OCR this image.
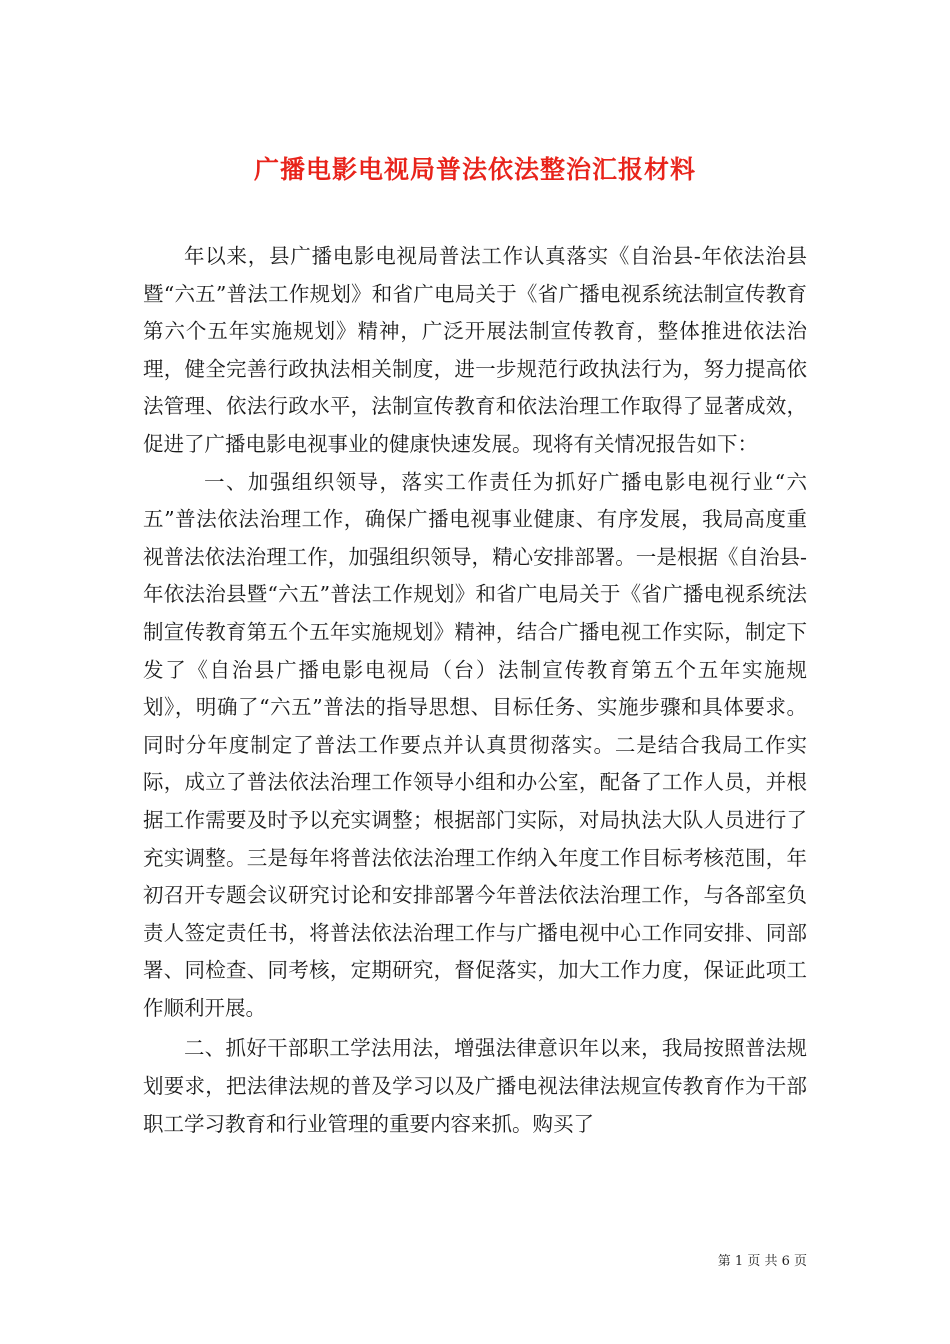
广播电影电视局普法依法整治汇报材料

年以来，县广播电影电视局普法工作认真落实《自治县-年依法治县暨“六五”普法工作规划》和省广电局关于《省广播电视系统法制宣传教育第六个五年实施规划》精神，广泛开展法制宣传教育，整体推进依法治理，健全完善行政执法相关制度，进一步规范行政执法行为，努力提高依法管理、依法行政水平，法制宣传教育和依法治理工作取得了显著成效，促进了广播电影电视事业的健康快速发展。现将有关情况报告如下：

一、加强组织领导，落实工作责任为抓好广播电影电视行业“六五”普法依法治理工作，确保广播电视事业健康、有序发展，我局高度重视普法依法治理工作，加强组织领导，精心安排部署。一是根据《自治县-年依法治县暨“六五”普法工作规划》和省广电局关于《省广播电视系统法制宣传教育第五个五年实施规划》精神，结合广播电视工作实际，制定下发了《自治县广播电影电视局（台）法制宣传教育第五个五年实施规划》，明确了“六五”普法的指导思想、目标任务、实施步骤和具体要求。同时分年度制定了普法工作要点并认真贯彻落实。二是结合我局工作实际，成立了普法依法治理工作领导小组和办公室，配备了工作人员，并根据工作需要及时予以充实调整；根据部门实际，对局执法大队人员进行了充实调整。三是每年将普法依法治理工作纳入年度工作目标考核范围，年初召开专题会议研究讨论和安排部署今年普法依法治理工作，与各部室负责人签定责任书，将普法依法治理工作与广播电视中心工作同安排、同部署、同检查、同考核，定期研究，督促落实，加大工作力度，保证此项工作顺利开展。

二、抓好干部职工学法用法，增强法律意识年以来，我局按照普法规划要求，把法律法规的普及学习以及广播电视法律法规宣传教育作为干部职工学习教育和行业管理的重要内容来抓。购买了

第 1 页 共 6 页
